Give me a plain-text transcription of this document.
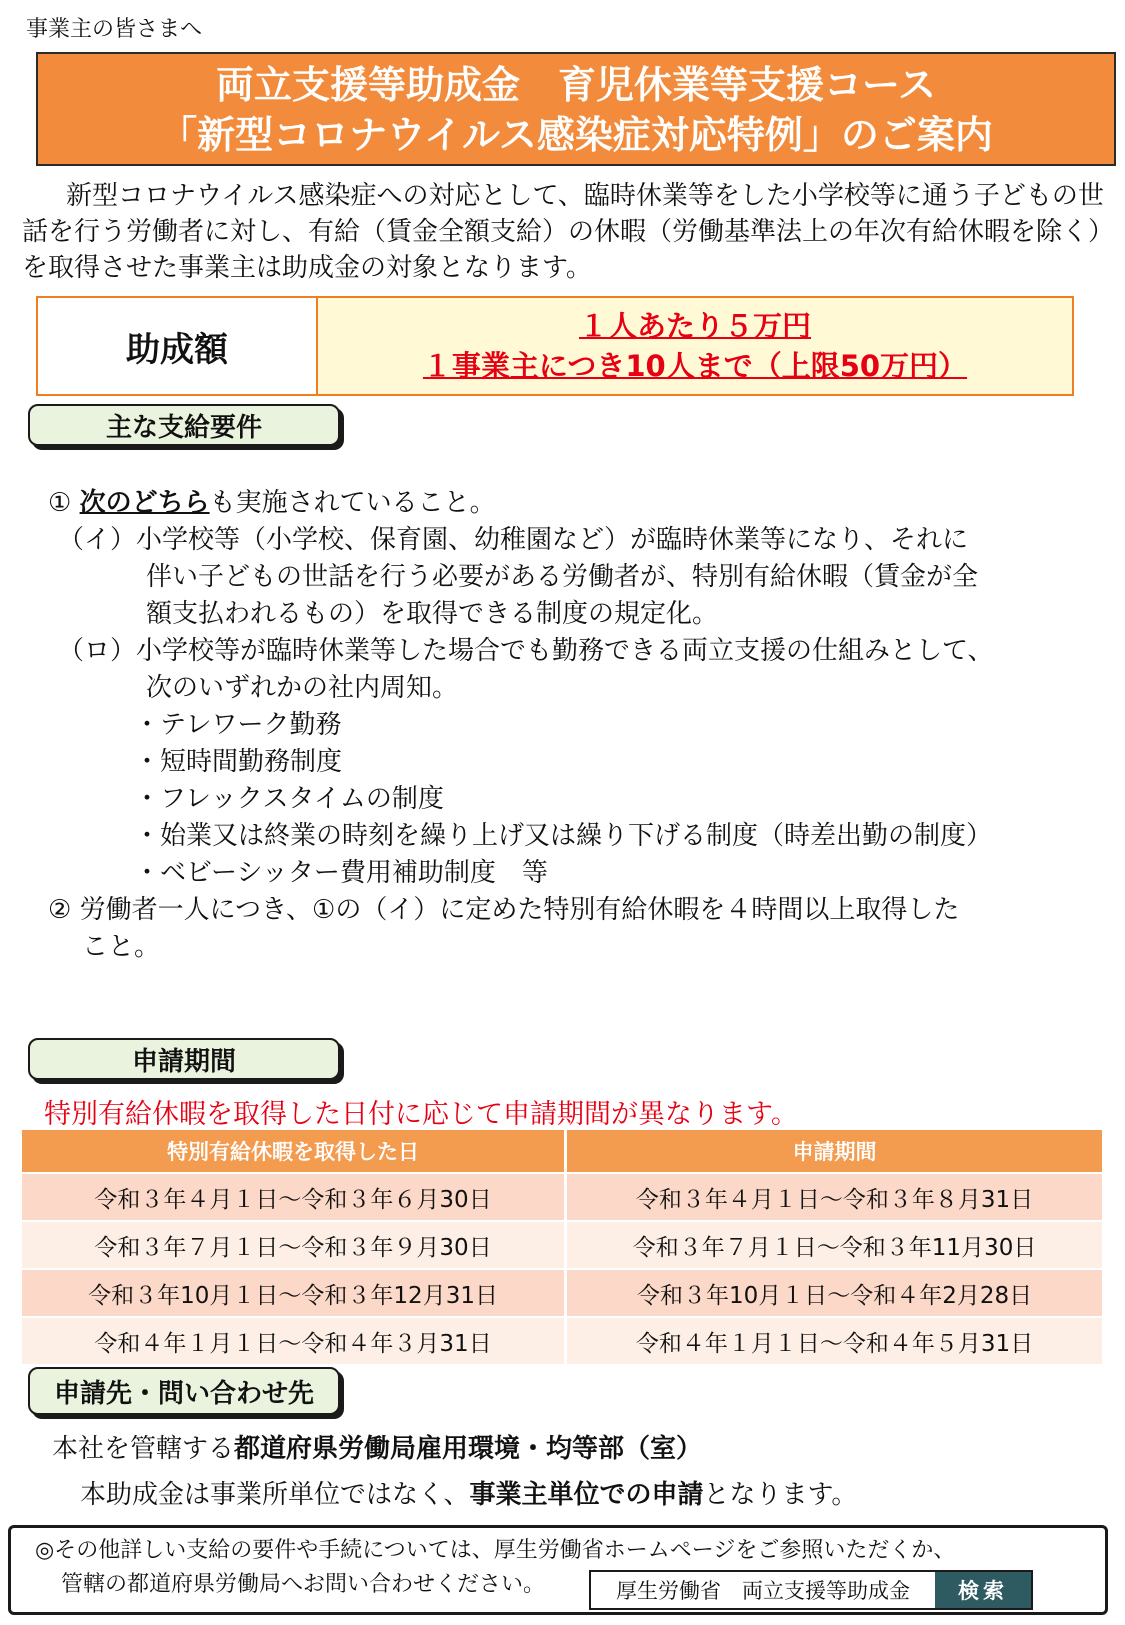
事業主の皆さまへ
両立支援等助成金　育児休業等支援コース
「新型コロナウイルス感染症対応特例」のご案内
新型コロナウイルス感染症への対応として、臨時休業等をした小学校等に通う子どもの世話を行う労働者に対し、有給（賃金全額支給）の休暇（労働基準法上の年次有給休暇を除く）を取得させた事業主は助成金の対象となります。
助成額
１人あたり５万円
１事業主につき10人まで（上限50万円）
主な支給要件
① 次のどちらも実施されていること。
（イ）小学校等（小学校、保育園、幼稚園など）が臨時休業等になり、それに
伴い子どもの世話を行う必要がある労働者が、特別有給休暇（賃金が全
額支払われるもの）を取得できる制度の規定化。
（ロ）小学校等が臨時休業等した場合でも勤務できる両立支援の仕組みとして、
次のいずれかの社内周知。
・テレワーク勤務
・短時間勤務制度
・フレックスタイムの制度
・始業又は終業の時刻を繰り上げ又は繰り下げる制度（時差出勤の制度）
・ベビーシッター費用補助制度　等
② 労働者一人につき、①の（イ）に定めた特別有給休暇を４時間以上取得した
こと。
申請期間
特別有給休暇を取得した日付に応じて申請期間が異なります。
特別有給休暇を取得した日	申請期間
令和３年４月１日～令和３年６月30日	令和３年４月１日～令和３年８月31日
令和３年７月１日～令和３年９月30日	令和３年７月１日～令和３年11月30日
令和３年10月１日～令和３年12月31日	令和３年10月１日～令和４年2月28日
令和４年１月１日～令和４年３月31日	令和４年１月１日～令和４年５月31日
申請先・問い合わせ先
本社を管轄する都道府県労働局雇用環境・均等部（室）
本助成金は事業所単位ではなく、事業主単位での申請となります。
◎その他詳しい支給の要件や手続については、厚生労働省ホームページをご参照いただくか、
管轄の都道府県労働局へお問い合わせください。	厚生労働省　両立支援等助成金	検索
